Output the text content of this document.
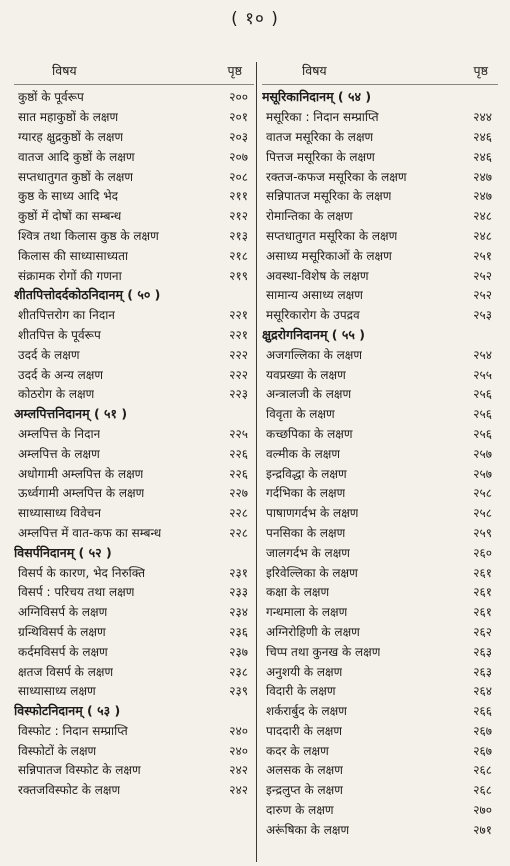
( १० )
विषय	पृष्ठ
कुष्ठों के पूर्वरूप	२००
सात महाकुष्ठों के लक्षण	२०१
ग्यारह क्षुद्रकुष्ठों के लक्षण	२०३
वातज आदि कुष्ठों के लक्षण	२०७
सप्तधातुगत कुष्ठों के लक्षण	२०८
कुष्ठ के साध्य आदि भेद	२११
कुष्ठों में दोषों का सम्बन्ध	२१२
श्वित्र तथा किलास कुष्ठ के लक्षण	२१३
किलास की साध्यासाध्यता	२१८
संक्रामक रोगों की गणना	२१९
शीतपित्तोदर्दकोठनिदानम् ( ५० )
शीतपित्तरोग का निदान	२२१
शीतपित्त के पूर्वरूप	२२१
उदर्द के लक्षण	२२२
उदर्द के अन्य लक्षण	२२२
कोठरोग के लक्षण	२२३
अम्लपित्तनिदानम् ( ५१ )
अम्लपित्त के निदान	२२५
अम्लपित्त के लक्षण	२२६
अधोगामी अम्लपित्त के लक्षण	२२६
ऊर्ध्वगामी अम्लपित्त के लक्षण	२२७
साध्यासाध्य विवेचन	२२८
अम्लपित्त में वात-कफ का सम्बन्ध	२२८
विसर्पनिदानम् ( ५२ )
विसर्प के कारण, भेद निरुक्ति	२३१
विसर्प : परिचय तथा लक्षण	२३३
अग्निविसर्प के लक्षण	२३४
ग्रन्थिविसर्प के लक्षण	२३६
कर्दमविसर्प के लक्षण	२३७
क्षतज विसर्प के लक्षण	२३८
साध्यासाध्य लक्षण	२३९
विस्फोटनिदानम् ( ५३ )
विस्फोट : निदान सम्प्राप्ति	२४०
विस्फोटों के लक्षण	२४०
सन्निपातज विस्फोट के लक्षण	२४२
रक्तजविस्फोट के लक्षण	२४२
विषय	पृष्ठ
मसूरिकानिदानम् ( ५४ )
मसूरिका : निदान सम्प्राप्ति	२४४
वातज मसूरिका के लक्षण	२४६
पित्तज मसूरिका के लक्षण	२४६
रक्तज-कफज मसूरिका के लक्षण	२४७
सन्निपातज मसूरिका के लक्षण	२४७
रोमान्तिका के लक्षण	२४८
सप्तधातुगत मसूरिका के लक्षण	२४८
असाध्य मसूरिकाओं के लक्षण	२५१
अवस्था-विशेष के लक्षण	२५२
सामान्य असाध्य लक्षण	२५२
मसूरिकारोग के उपद्रव	२५३
क्षुद्ररोगनिदानम् ( ५५ )
अजगल्लिका के लक्षण	२५४
यवप्रख्या के लक्षण	२५५
अन्त्रालजी के लक्षण	२५६
विवृता के लक्षण	२५६
कच्छपिका के लक्षण	२५६
वल्मीक के लक्षण	२५७
इन्द्रविद्धा के लक्षण	२५७
गर्दभिका के लक्षण	२५८
पाषाणगर्दभ के लक्षण	२५८
पनसिका के लक्षण	२५९
जालगर्दभ के लक्षण	२६०
इरिवेल्लिका के लक्षण	२६१
कक्षा के लक्षण	२६१
गन्धमाला के लक्षण	२६१
अग्निरोहिणी के लक्षण	२६२
चिप्प तथा कुनख के लक्षण	२६३
अनुशयी के लक्षण	२६३
विदारी के लक्षण	२६४
शर्करार्बुद के लक्षण	२६६
पाददारी के लक्षण	२६७
कदर के लक्षण	२६७
अलसक के लक्षण	२६८
इन्द्रलुप्त के लक्षण	२६८
दारुण के लक्षण	२७०
अरूंषिका के लक्षण	२७१
